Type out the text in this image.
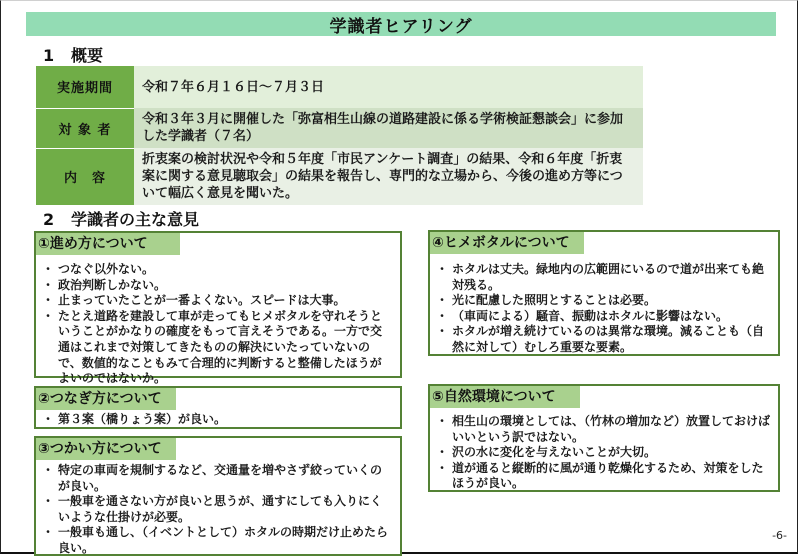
学識者ヒアリング
1 概要
実施期間	令和７年６月１６日～７月３日
対 象 者	令和３年３月に開催した「弥富相生山線の道路建設に係る学術検証懇談会」に参加した学識者（７名）
内　容	折衷案の検討状況や令和５年度「市民アンケート調査」の結果、令和６年度「折衷案に関する意見聴取会」の結果を報告し、専門的な立場から、今後の進め方等について幅広く意見を聞いた。
2 学識者の主な意見
①進め方について
・ つなぐ以外ない。
・ 政治判断しかない。
・ 止まっていたことが一番よくない。スピードは大事。
・ たとえ道路を建設して車が走ってもヒメボタルを守れそうということがかなりの確度をもって言えそうである。一方で交通はこれまで対策してきたものの解決にいたっていないので、数値的なこともみて合理的に判断すると整備したほうがよいのではないか。
②つなぎ方について
・ 第３案（橋りょう案）が良い。
③つかい方について
・ 特定の車両を規制するなど、交通量を増やさず絞っていくのが良い。
・ 一般車を通さない方が良いと思うが、通すにしても入りにくいような仕掛けが必要。
・ 一般車も通し、（イベントとして）ホタルの時期だけ止めたら良い。
④ヒメボタルについて
・ ホタルは丈夫。緑地内の広範囲にいるので道が出来ても絶対残る。
・ 光に配慮した照明とすることは必要。
・ （車両による）騒音、振動はホタルに影響はない。
・ ホタルが増え続けているのは異常な環境。減ることも（自然に対して）むしろ重要な要素。
⑤自然環境について
・ 相生山の環境としては、（竹林の増加など）放置しておけばいいという訳ではない。
・ 沢の水に変化を与えないことが大切。
・ 道が通ると縦断的に風が通り乾燥化するため、対策をしたほうが良い。
-6-
